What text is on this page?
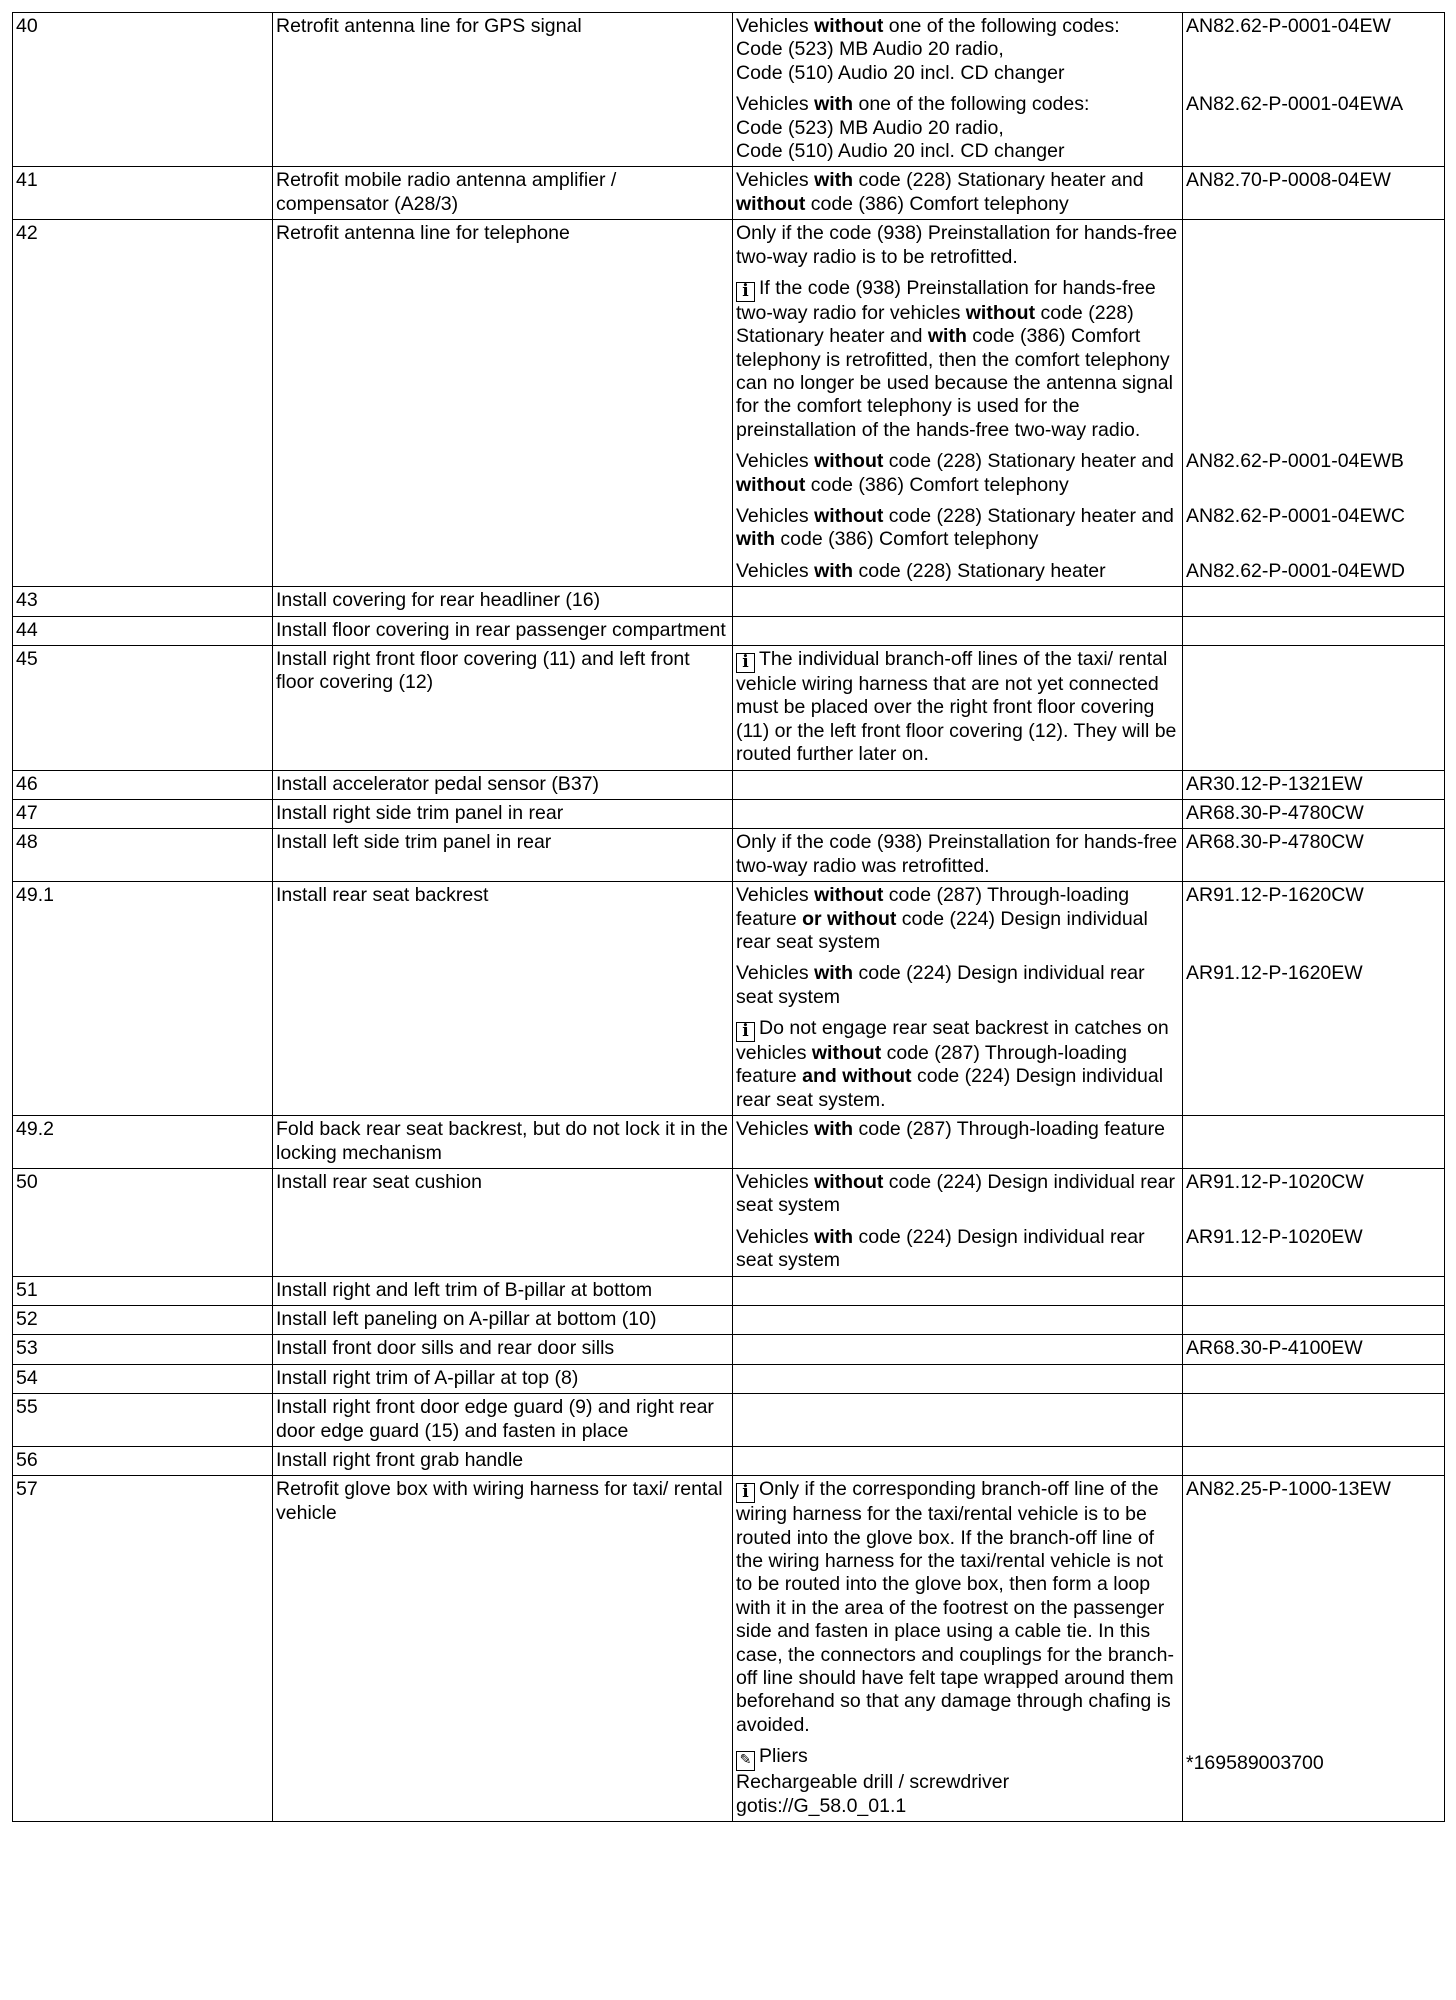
40	Retrofit antenna line for GPS signal	Vehicles without one of the following codes:
Code (523) MB Audio 20 radio,
Code (510) Audio 20 incl. CD changer	AN82.62-P-0001-04EW

		Vehicles with one of the following codes:
Code (523) MB Audio 20 radio,
Code (510) Audio 20 incl. CD changer	AN82.62-P-0001-04EWA

41	Retrofit mobile radio antenna amplifier / compensator (A28/3)	Vehicles with code (228) Stationary heater and without code (386) Comfort telephony	AN82.70-P-0008-04EW

42	Retrofit antenna line for telephone	Only if the code (938) Preinstallation for hands-free two-way radio is to be retrofitted.	

		i If the code (938) Preinstallation for hands-free two-way radio for vehicles without code (228) Stationary heater and with code (386) Comfort telephony is retrofitted, then the comfort telephony can no longer be used because the antenna signal for the comfort telephony is used for the preinstallation of the hands-free two-way radio.	

		Vehicles without code (228) Stationary heater and without code (386) Comfort telephony	AN82.62-P-0001-04EWB

		Vehicles without code (228) Stationary heater and with code (386) Comfort telephony	AN82.62-P-0001-04EWC

		Vehicles with code (228) Stationary heater	AN82.62-P-0001-04EWD

43	Install covering for rear headliner (16)		

44	Install floor covering in rear passenger compartment		

45	Install right front floor covering (11) and left front floor covering (12)	i The individual branch-off lines of the taxi/ rental vehicle wiring harness that are not yet connected must be placed over the right front floor covering (11) or the left front floor covering (12). They will be routed further later on.	

46	Install accelerator pedal sensor (B37)		AR30.12-P-1321EW

47	Install right side trim panel in rear		AR68.30-P-4780CW

48	Install left side trim panel in rear	Only if the code (938) Preinstallation for hands-free two-way radio was retrofitted.	AR68.30-P-4780CW

49.1	Install rear seat backrest	Vehicles without code (287) Through-loading feature or without code (224) Design individual rear seat system	AR91.12-P-1620CW

		Vehicles with code (224) Design individual rear seat system	AR91.12-P-1620EW

		i Do not engage rear seat backrest in catches on vehicles without code (287) Through-loading feature and without code (224) Design individual rear seat system.	

49.2	Fold back rear seat backrest, but do not lock it in the locking mechanism	Vehicles with code (287) Through-loading feature	

50	Install rear seat cushion	Vehicles without code (224) Design individual rear seat system	AR91.12-P-1020CW

		Vehicles with code (224) Design individual rear seat system	AR91.12-P-1020EW

51	Install right and left trim of B-pillar at bottom		

52	Install left paneling on A-pillar at bottom (10)		

53	Install front door sills and rear door sills		AR68.30-P-4100EW

54	Install right trim of A-pillar at top (8)		

55	Install right front door edge guard (9) and right rear door edge guard (15) and fasten in place		

56	Install right front grab handle		

57	Retrofit glove box with wiring harness for taxi/ rental vehicle	i Only if the corresponding branch-off line of the wiring harness for the taxi/rental vehicle is to be routed into the glove box. If the branch-off line of the wiring harness for the taxi/rental vehicle is not to be routed into the glove box, then form a loop with it in the area of the footrest on the passenger side and fasten in place using a cable tie. In this case, the connectors and couplings for the branch-off line should have felt tape wrapped around them beforehand so that any damage through chafing is avoided.	AN82.25-P-1000-13EW

		✎ Pliers
Rechargeable drill / screwdriver
gotis://G_58.0_01.1	*169589003700
